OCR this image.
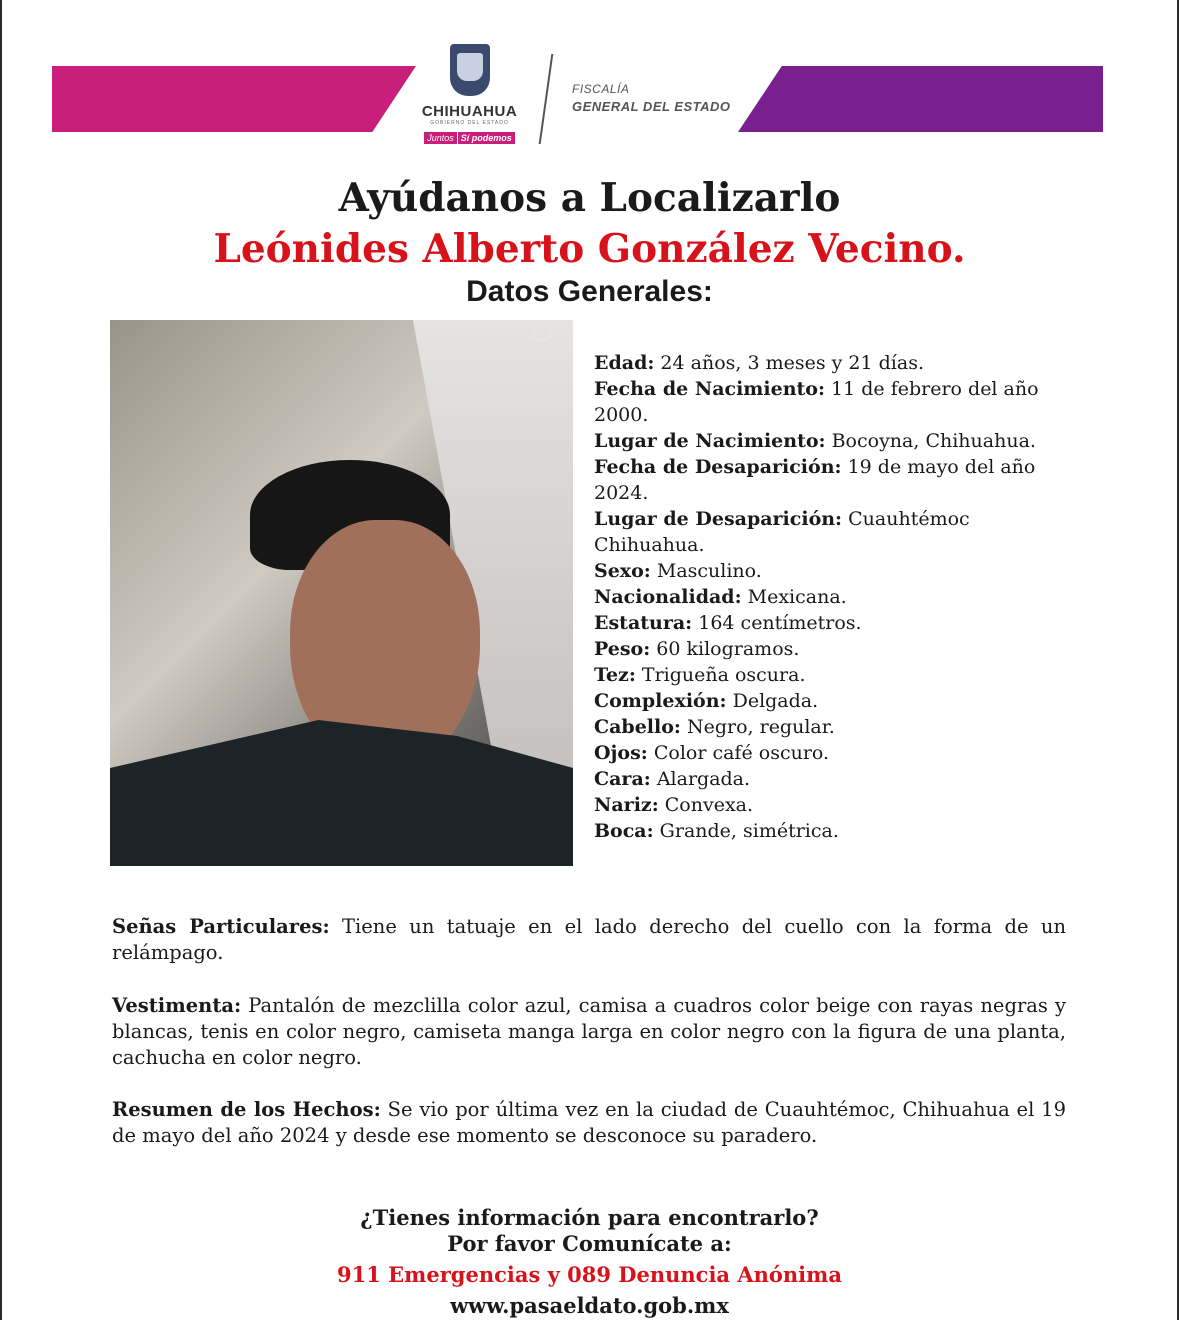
CHIHUAHUA
GOBIERNO DEL ESTADO
Juntos Sí podemos
FISCALÍA
GENERAL DEL ESTADO
Ayúdanos a Localizarlo
Leónides Alberto González Vecino.
Datos Generales:
Edad: 24 años, 3 meses y 21 días.
Fecha de Nacimiento: 11 de febrero del año 2000.
Lugar de Nacimiento: Bocoyna, Chihuahua.
Fecha de Desaparición: 19 de mayo del año 2024.
Lugar de Desaparición: Cuauhtémoc Chihuahua.
Sexo: Masculino.
Nacionalidad: Mexicana.
Estatura: 164 centímetros.
Peso: 60 kilogramos.
Tez: Trigueña oscura.
Complexión: Delgada.
Cabello: Negro, regular.
Ojos: Color café oscuro.
Cara: Alargada.
Nariz: Convexa.
Boca: Grande, simétrica.
Señas Particulares: Tiene un tatuaje en el lado derecho del cuello con la forma de un relámpago.
Vestimenta: Pantalón de mezclilla color azul, camisa a cuadros color beige con rayas negras y blancas, tenis en color negro, camiseta manga larga en color negro con la figura de una planta, cachucha en color negro.
Resumen de los Hechos: Se vio por última vez en la ciudad de Cuauhtémoc, Chihuahua el 19 de mayo del año 2024 y desde ese momento se desconoce su paradero.
¿Tienes información para encontrarlo?
Por favor Comunícate a:
911 Emergencias y 089 Denuncia Anónima
www.pasaeldato.gob.mx
